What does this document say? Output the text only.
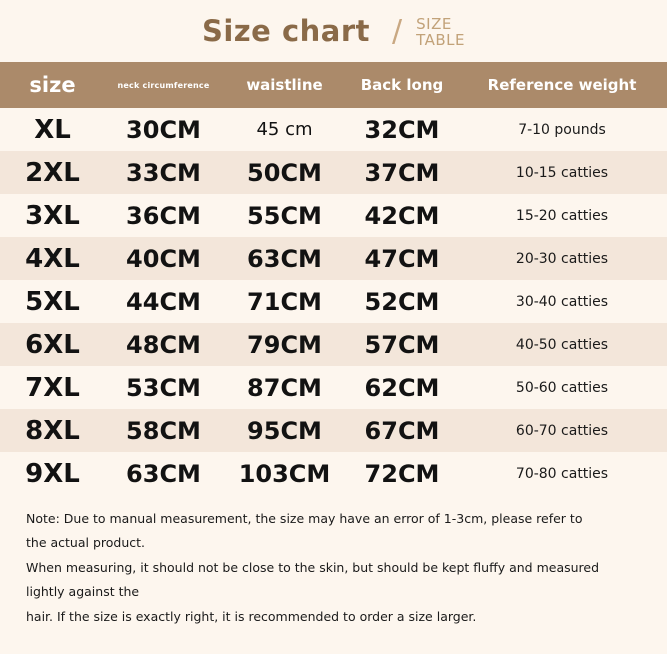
Size chart / SIZE
TABLE
size	neck circumference	waistline	Back long	Reference weight
XL	30CM	45 cm	32CM	7-10 pounds
2XL	33CM	50CM	37CM	10-15 catties
3XL	36CM	55CM	42CM	15-20 catties
4XL	40CM	63CM	47CM	20-30 catties
5XL	44CM	71CM	52CM	30-40 catties
6XL	48CM	79CM	57CM	40-50 catties
7XL	53CM	87CM	62CM	50-60 catties
8XL	58CM	95CM	67CM	60-70 catties
9XL	63CM	103CM	72CM	70-80 catties
Note: Due to manual measurement, the size may have an error of 1-3cm, please refer to
the actual product.
When measuring, it should not be close to the skin, but should be kept fluffy and measured lightly against the
hair. If the size is exactly right, it is recommended to order a size larger.
